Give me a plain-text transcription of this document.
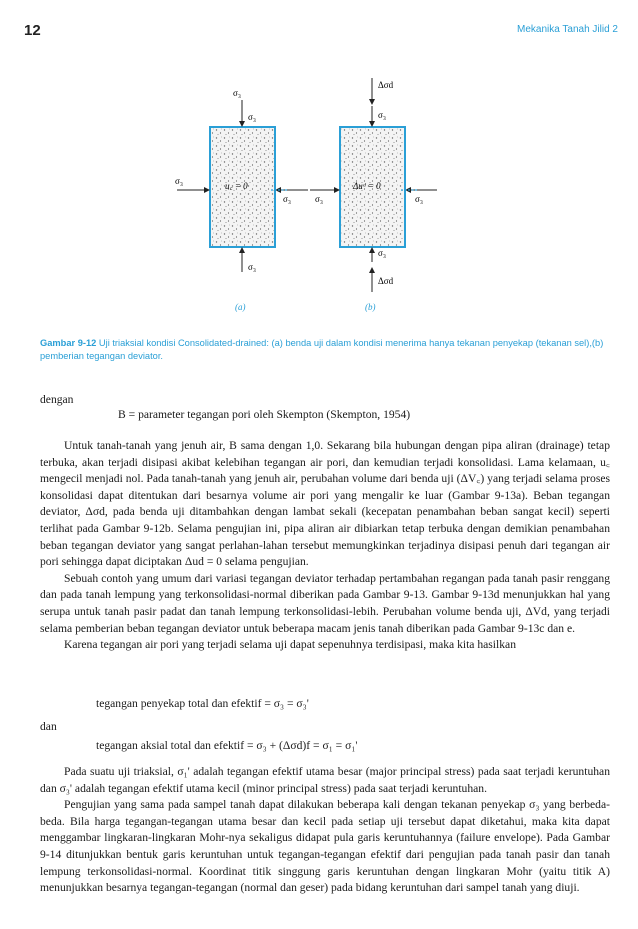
12	Mekanika Tanah Jilid 2
σ₃
σ₃
σ₃
σ₃
σ₃
u꜀ = 0
(a)
Δσd
σ₃
σ₃	σ₃
σ₃
Δσd
Δuᵈ = 0
(b)
Gambar 9-12 Uji triaksial kondisi Consolidated-drained: (a) benda uji dalam kondisi menerima hanya tekanan penyekap (tekanan sel),(b) pemberian tegangan deviator.
dengan
B = parameter tegangan pori oleh Skempton (Skempton, 1954)

Untuk tanah-tanah yang jenuh air, B sama dengan 1,0. Sekarang bila hubungan dengan pipa aliran (drainage) tetap terbuka, akan terjadi disipasi akibat kelebihan tegangan air pori, dan kemudian terjadi konsolidasi. Lama kelamaan, u꜀ mengecil menjadi nol. Pada tanah-tanah yang jenuh air, perubahan volume dari benda uji (ΔV꜀) yang terjadi selama proses konsolidasi dapat ditentukan dari besarnya volume air pori yang mengalir ke luar (Gambar 9-13a). Beban tegangan deviator, Δσd, pada benda uji ditambahkan dengan lambat sekali (kecepatan penambahan beban sangat kecil) seperti terlihat pada Gambar 9-12b. Selama pengujian ini, pipa aliran air dibiarkan tetap terbuka dengan demikian penambahan beban tegangan deviator yang sangat perlahan-lahan tersebut memungkinkan terjadinya disipasi penuh dari tegangan air pori sehingga dapat diciptakan Δud = 0 selama pengujian.

Sebuah contoh yang umum dari variasi tegangan deviator terhadap pertambahan regangan pada tanah pasir renggang dan pada tanah lempung yang terkonsolidasi-normal diberikan pada Gambar 9-13. Gambar 9-13d menunjukkan hal yang serupa untuk tanah pasir padat dan tanah lempung terkonsolidasi-lebih. Perubahan volume benda uji, ΔVd, yang terjadi selama pemberian beban tegangan deviator untuk beberapa macam jenis tanah diberikan pada Gambar 9-13c dan e.

Karena tegangan air pori yang terjadi selama uji dapat sepenuhnya terdisipasi, maka kita hasilkan

tegangan penyekap total dan efektif = σ₃ = σ₃'
dan
tegangan aksial total dan efektif = σ₃ + (Δσd)f = σ₁ = σ₁'

Pada suatu uji triaksial, σ₁' adalah tegangan efektif utama besar (major principal stress) pada saat terjadi keruntuhan dan σ₃' adalah tegangan efektif utama kecil (minor principal stress) pada saat terjadi keruntuhan.

Pengujian yang sama pada sampel tanah dapat dilakukan beberapa kali dengan tekanan penyekap σ₃ yang berbeda-beda. Bila harga tegangan-tegangan utama besar dan kecil pada setiap uji tersebut dapat diketahui, maka kita dapat menggambar lingkaran-lingkaran Mohr-nya sekaligus didapat pula garis keruntuhannya (failure envelope). Pada Gambar 9-14 ditunjukkan bentuk garis keruntuhan untuk tegangan-tegangan efektif dari pengujian pada tanah pasir dan tanah lempung terkonsolidasi-normal. Koordinat titik singgung garis keruntuhan dengan lingkaran Mohr (yaitu titik A) menunjukkan besarnya tegangan-tegangan (normal dan geser) pada bidang keruntuhan dari sampel tanah yang diuji.
